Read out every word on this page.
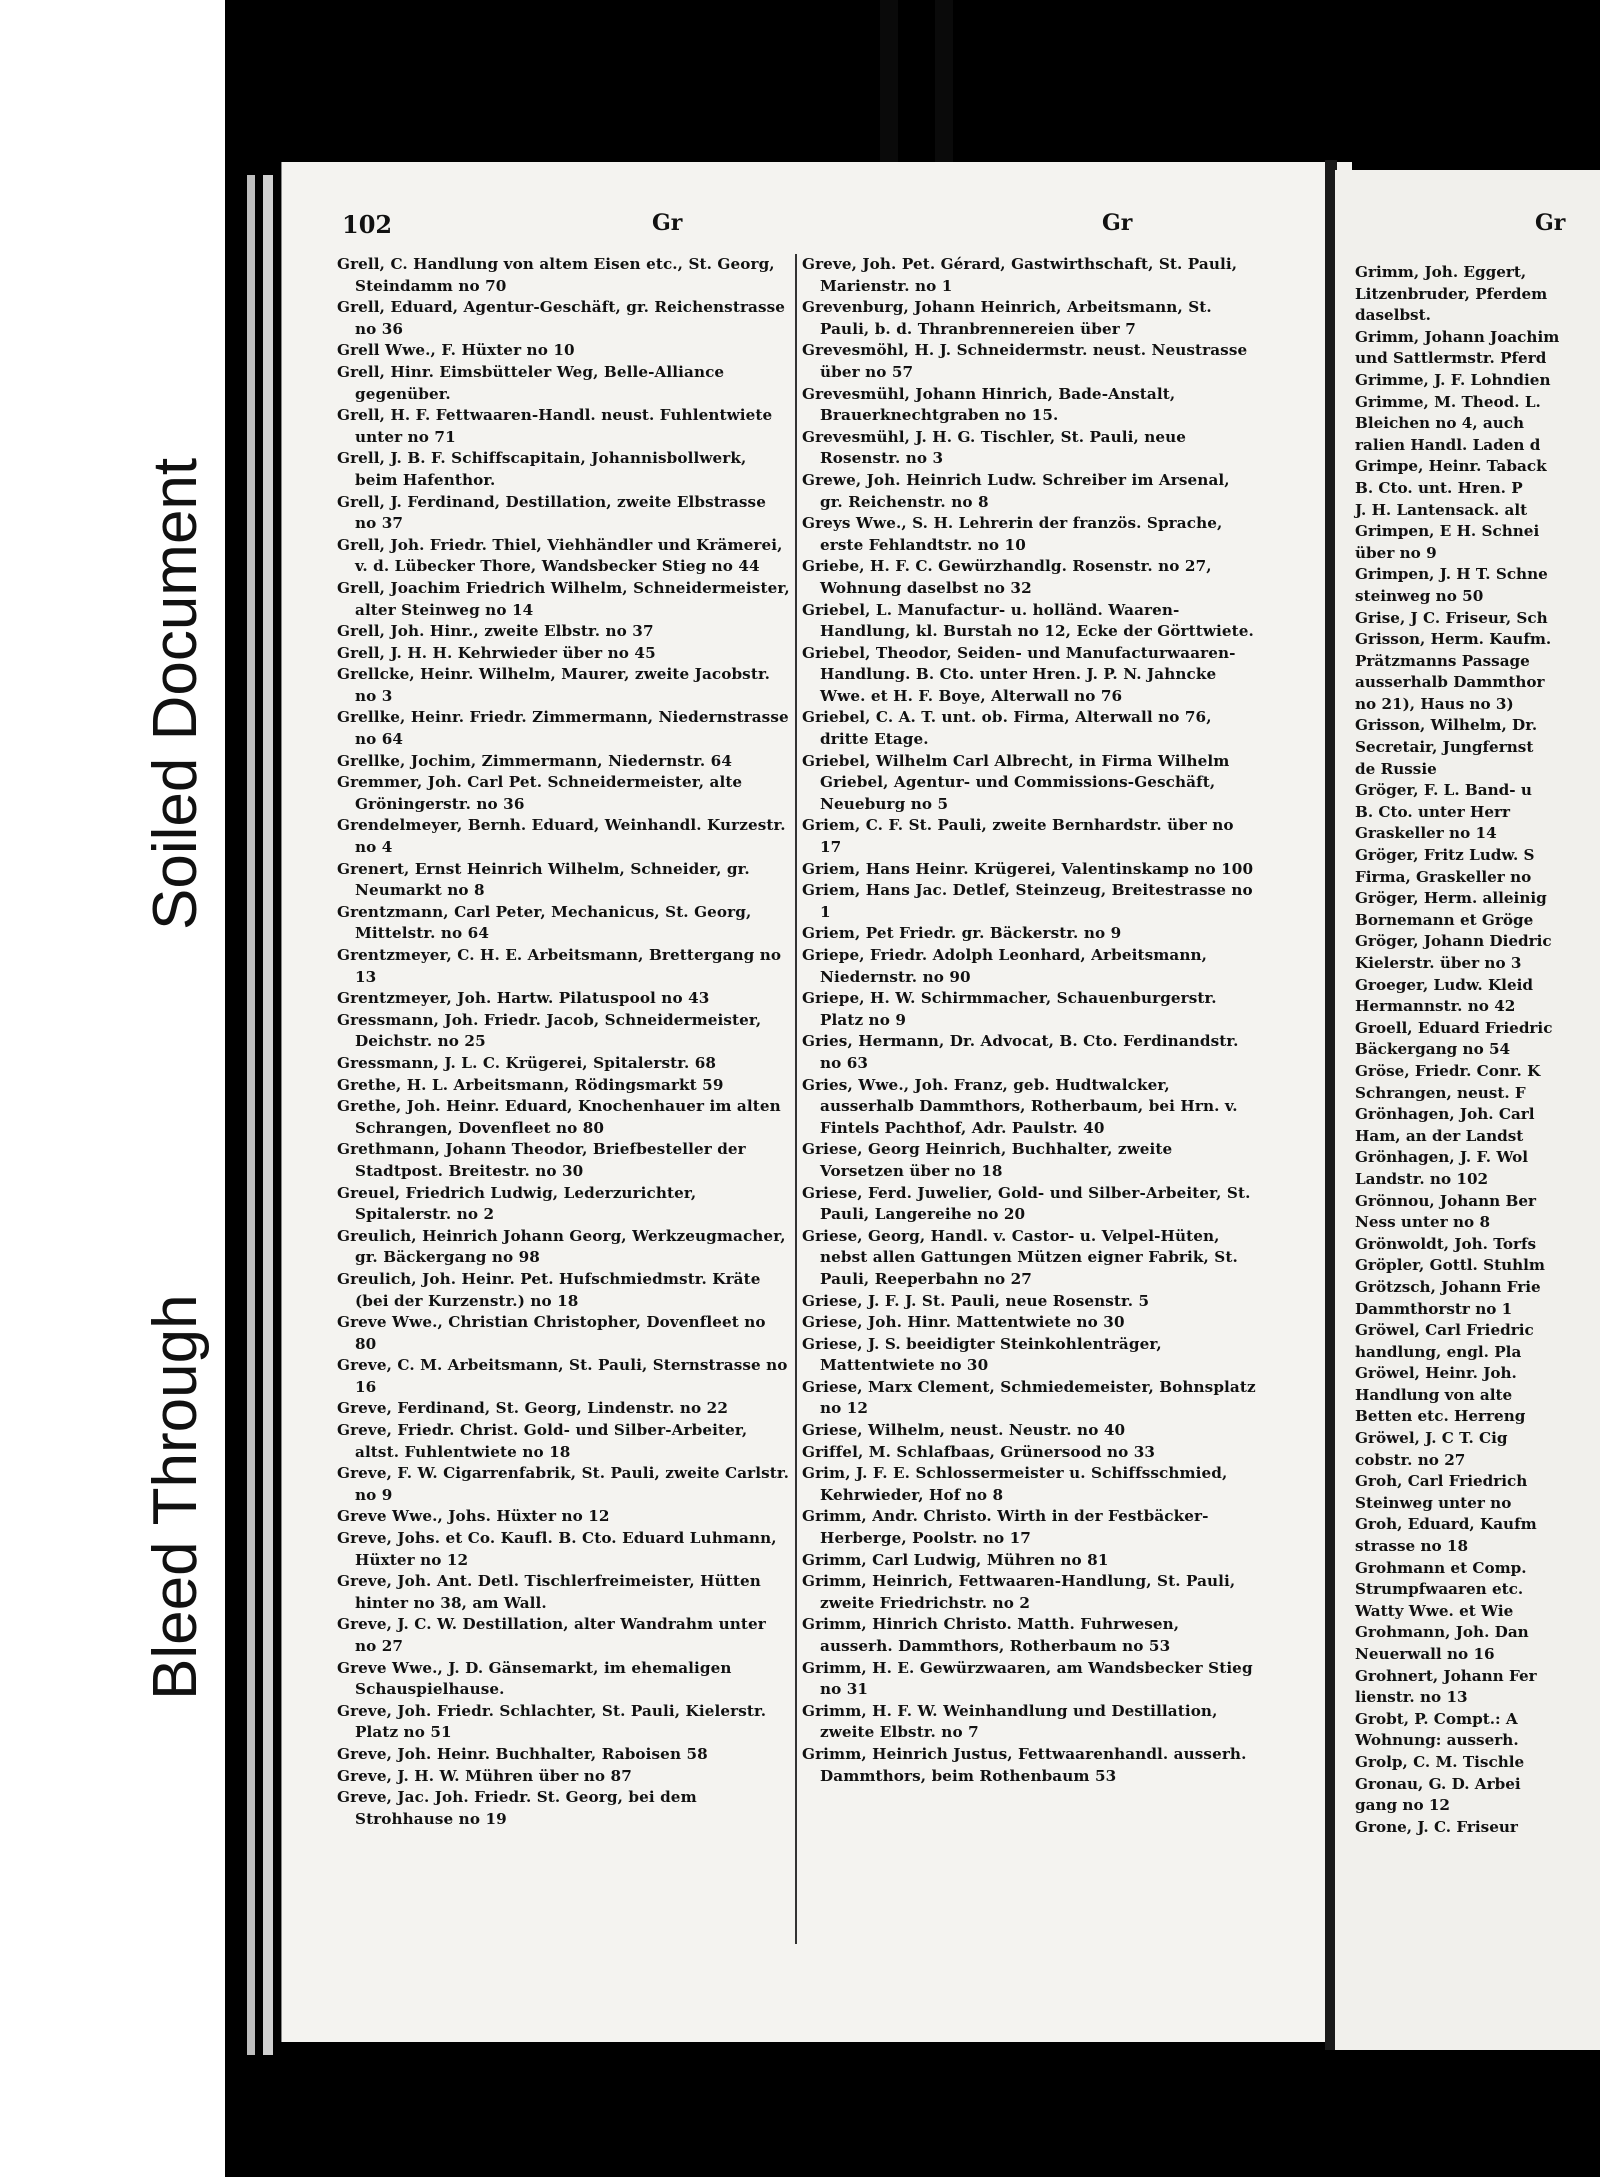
Soiled Document
Bleed Through
102	Gr	Gr

Grell, C. Handlung von altem Eisen etc., St. Georg, Steindamm no 70

Grell, Eduard, Agentur-Geschäft, gr. Reichenstrasse no 36

Grell Wwe., F. Hüxter no 10

Grell, Hinr. Eimsbütteler Weg, Belle-Alliance gegenüber.

Grell, H. F. Fettwaaren-Handl. neust. Fuhlentwiete unter no 71

Grell, J. B. F. Schiffscapitain, Johannisbollwerk, beim Hafenthor.

Grell, J. Ferdinand, Destillation, zweite Elbstrasse no 37

Grell, Joh. Friedr. Thiel, Viehhändler und Krämerei, v. d. Lübecker Thore, Wandsbecker Stieg no 44

Grell, Joachim Friedrich Wilhelm, Schneidermeister, alter Steinweg no 14

Grell, Joh. Hinr., zweite Elbstr. no 37

Grell, J. H. H. Kehrwieder über no 45

Grellcke, Heinr. Wilhelm, Maurer, zweite Jacobstr. no 3

Grellke, Heinr. Friedr. Zimmermann, Niedernstrasse no 64

Grellke, Jochim, Zimmermann, Niedernstr. 64

Gremmer, Joh. Carl Pet. Schneidermeister, alte Gröningerstr. no 36

Grendelmeyer, Bernh. Eduard, Weinhandl. Kurzestr. no 4

Grenert, Ernst Heinrich Wilhelm, Schneider, gr. Neumarkt no 8

Grentzmann, Carl Peter, Mechanicus, St. Georg, Mittelstr. no 64

Grentzmeyer, C. H. E. Arbeitsmann, Brettergang no 13

Grentzmeyer, Joh. Hartw. Pilatuspool no 43

Gressmann, Joh. Friedr. Jacob, Schneidermeister, Deichstr. no 25

Gressmann, J. L. C. Krügerei, Spitalerstr. 68

Grethe, H. L. Arbeitsmann, Rödingsmarkt 59

Grethe, Joh. Heinr. Eduard, Knochenhauer im alten Schrangen, Dovenfleet no 80

Grethmann, Johann Theodor, Briefbesteller der Stadtpost. Breitestr. no 30

Greuel, Friedrich Ludwig, Lederzurichter, Spitalerstr. no 2

Greulich, Heinrich Johann Georg, Werkzeugmacher, gr. Bäckergang no 98

Greulich, Joh. Heinr. Pet. Hufschmiedmstr. Kräte (bei der Kurzenstr.) no 18

Greve Wwe., Christian Christopher, Dovenfleet no 80

Greve, C. M. Arbeitsmann, St. Pauli, Sternstrasse no 16

Greve, Ferdinand, St. Georg, Lindenstr. no 22

Greve, Friedr. Christ. Gold- und Silber-Arbeiter, altst. Fuhlentwiete no 18

Greve, F. W. Cigarrenfabrik, St. Pauli, zweite Carlstr. no 9

Greve Wwe., Johs. Hüxter no 12

Greve, Johs. et Co. Kaufl. B. Cto. Eduard Luhmann, Hüxter no 12

Greve, Joh. Ant. Detl. Tischlerfreimeister, Hütten hinter no 38, am Wall.

Greve, J. C. W. Destillation, alter Wandrahm unter no 27

Greve Wwe., J. D. Gänsemarkt, im ehemaligen Schauspielhause.

Greve, Joh. Friedr. Schlachter, St. Pauli, Kielerstr. Platz no 51

Greve, Joh. Heinr. Buchhalter, Raboisen 58

Greve, J. H. W. Mühren über no 87

Greve, Jac. Joh. Friedr. St. Georg, bei dem Strohhause no 19

Greve, Joh. Pet. Gérard, Gastwirthschaft, St. Pauli, Marienstr. no 1

Grevenburg, Johann Heinrich, Arbeitsmann, St. Pauli, b. d. Thranbrennereien über 7

Grevesmöhl, H. J. Schneidermstr. neust. Neustrasse über no 57

Grevesmühl, Johann Hinrich, Bade-Anstalt, Brauerknechtgraben no 15.

Grevesmühl, J. H. G. Tischler, St. Pauli, neue Rosenstr. no 3

Grewe, Joh. Heinrich Ludw. Schreiber im Arsenal, gr. Reichenstr. no 8

Greys Wwe., S. H. Lehrerin der französ. Sprache, erste Fehlandtstr. no 10

Griebe, H. F. C. Gewürzhandlg. Rosenstr. no 27, Wohnung daselbst no 32

Griebel, L. Manufactur- u. holländ. Waaren-Handlung, kl. Burstah no 12, Ecke der Görttwiete.

Griebel, Theodor, Seiden- und Manufacturwaaren-Handlung. B. Cto. unter Hren. J. P. N. Jahncke Wwe. et H. F. Boye, Alterwall no 76

Griebel, C. A. T. unt. ob. Firma, Alterwall no 76, dritte Etage.

Griebel, Wilhelm Carl Albrecht, in Firma Wilhelm Griebel, Agentur- und Commissions-Geschäft, Neueburg no 5

Griem, C. F. St. Pauli, zweite Bernhardstr. über no 17

Griem, Hans Heinr. Krügerei, Valentinskamp no 100

Griem, Hans Jac. Detlef, Steinzeug, Breitestrasse no 1

Griem, Pet Friedr. gr. Bäckerstr. no 9

Griepe, Friedr. Adolph Leonhard, Arbeitsmann, Niedernstr. no 90

Griepe, H. W. Schirmmacher, Schauenburgerstr. Platz no 9

Gries, Hermann, Dr. Advocat, B. Cto. Ferdinandstr. no 63

Gries, Wwe., Joh. Franz, geb. Hudtwalcker, ausserhalb Dammthors, Rotherbaum, bei Hrn. v. Fintels Pachthof, Adr. Paulstr. 40

Griese, Georg Heinrich, Buchhalter, zweite Vorsetzen über no 18

Griese, Ferd. Juwelier, Gold- und Silber-Arbeiter, St. Pauli, Langereihe no 20

Griese, Georg, Handl. v. Castor- u. Velpel-Hüten, nebst allen Gattungen Mützen eigner Fabrik, St. Pauli, Reeperbahn no 27

Griese, J. F. J. St. Pauli, neue Rosenstr. 5

Griese, Joh. Hinr. Mattentwiete no 30

Griese, J. S. beeidigter Steinkohlenträger, Mattentwiete no 30

Griese, Marx Clement, Schmiedemeister, Bohnsplatz no 12

Griese, Wilhelm, neust. Neustr. no 40

Griffel, M. Schlafbaas, Grünersood no 33

Grim, J. F. E. Schlossermeister u. Schiffsschmied, Kehrwieder, Hof no 8

Grimm, Andr. Christo. Wirth in der Festbäcker-Herberge, Poolstr. no 17

Grimm, Carl Ludwig, Mühren no 81

Grimm, Heinrich, Fettwaaren-Handlung, St. Pauli, zweite Friedrichstr. no 2

Grimm, Hinrich Christo. Matth. Fuhrwesen, ausserh. Dammthors, Rotherbaum no 53

Grimm, H. E. Gewürzwaaren, am Wandsbecker Stieg no 31

Grimm, H. F. W. Weinhandlung und Destillation, zweite Elbstr. no 7

Grimm, Heinrich Justus, Fettwaarenhandl. ausserh. Dammthors, beim Rothenbaum 53

Gr

Grimm, Joh. Eggert,

Litzenbruder, Pferdem

daselbst.

Grimm, Johann Joachim

und Sattlermstr. Pferd

Grimme, J. F. Lohndien

Grimme, M. Theod. L.

Bleichen no 4, auch

ralien Handl. Laden d

Grimpe, Heinr. Taback

B. Cto. unt. Hren. P

J. H. Lantensack. alt

Grimpen, E H. Schnei

über no 9

Grimpen, J. H T. Schne

steinweg no 50

Grise, J C. Friseur, Sch

Grisson, Herm. Kaufm.

Prätzmanns Passage

ausserhalb Dammthor

no 21), Haus no 3)

Grisson, Wilhelm, Dr.

Secretair, Jungfernst

de Russie

Gröger, F. L. Band- u

B. Cto. unter Herr

Graskeller no 14

Gröger, Fritz Ludw. S

Firma, Graskeller no

Gröger, Herm. alleinig

Bornemann et Gröge

Gröger, Johann Diedric

Kielerstr. über no 3

Groeger, Ludw. Kleid

Hermannstr. no 42

Groell, Eduard Friedric

Bäckergang no 54

Gröse, Friedr. Conr. K

Schrangen, neust. F

Grönhagen, Joh. Carl

Ham, an der Landst

Grönhagen, J. F. Wol

Landstr. no 102

Grönnou, Johann Ber

Ness unter no 8

Grönwoldt, Joh. Torfs

Gröpler, Gottl. Stuhlm

Grötzsch, Johann Frie

Dammthorstr no 1

Gröwel, Carl Friedric

handlung, engl. Pla

Gröwel, Heinr. Joh.

Handlung von alte

Betten etc. Herreng

Gröwel, J. C T. Cig

cobstr. no 27

Groh, Carl Friedrich

Steinweg unter no

Groh, Eduard, Kaufm

strasse no 18

Grohmann et Comp.

Strumpfwaaren etc.

Watty Wwe. et Wie

Grohmann, Joh. Dan

Neuerwall no 16

Grohnert, Johann Fer

lienstr. no 13

Grobt, P. Compt.: A

Wohnung: ausserh.

Grolp, C. M. Tischle

Gronau, G. D. Arbei

gang no 12

Grone, J. C. Friseur
